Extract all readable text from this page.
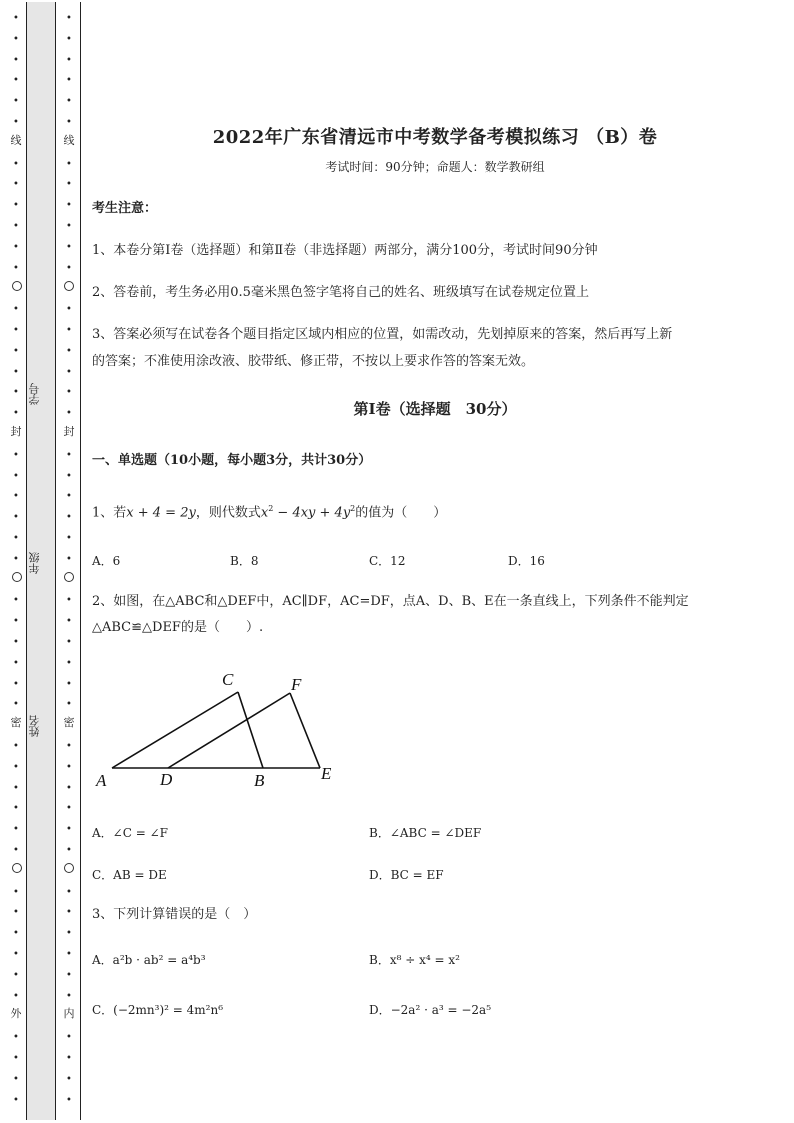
•
•
•
•
•
•
•
•
•
•
•
•
•
•
•
•
•
•
•
•
•
•
•
•
•
•
•
•
•
•
•
•
•
•
•
•
•
•
•
•
•
•
•
•
•
•
•
•
•
•
•
•
•
•
•
•
•
•
•
•
•
•
•
•
•
•
•
•
•
•
•
•
•
•
•
•
•
•
•
•
•
•
•
•
•
•
•
•
•
•
•
•
线
封
密
外
线
封
密
内
学号
年级
姓名
2022年广东省清远市中考数学备考模拟练习 （B）卷
考试时间：90分钟；命题人：数学教研组
考生注意：
1、本卷分第Ⅰ卷（选择题）和第Ⅱ卷（非选择题）两部分，满分100分，考试时间90分钟
2、答卷前，考生务必用0.5毫米黑色签字笔将自己的姓名、班级填写在试卷规定位置上
3、答案必须写在试卷各个题目指定区域内相应的位置，如需改动，先划掉原来的答案，然后再写上新
的答案；不准使用涂改液、胶带纸、修正带，不按以上要求作答的答案无效。
第Ⅰ卷（选择题　30分）
一、单选题（10小题，每小题3分，共计30分）
1、若x + 4 = 2y，则代数式$x^2 - 4xy + 4y^2$的值为（　　）
A．6	B．8	C．12	D．16
2、如图，在△ABC和△DEF中，AC∥DF，AC=DF，点A、D、B、E在一条直线上，下列条件不能判定
△ABC≌△DEF的是（　　）.
A	D	B	E
C	F
A．∠C = ∠F	B．∠ABC = ∠DEF
C．AB = DE	D．BC = EF
3、下列计算错误的是（　）
A．a²b · ab² = a⁴b³	B．x⁸ ÷ x⁴ = x²
C．(−2mn³)² = 4m²n⁶	D．−2a² · a³ = −2a⁵
